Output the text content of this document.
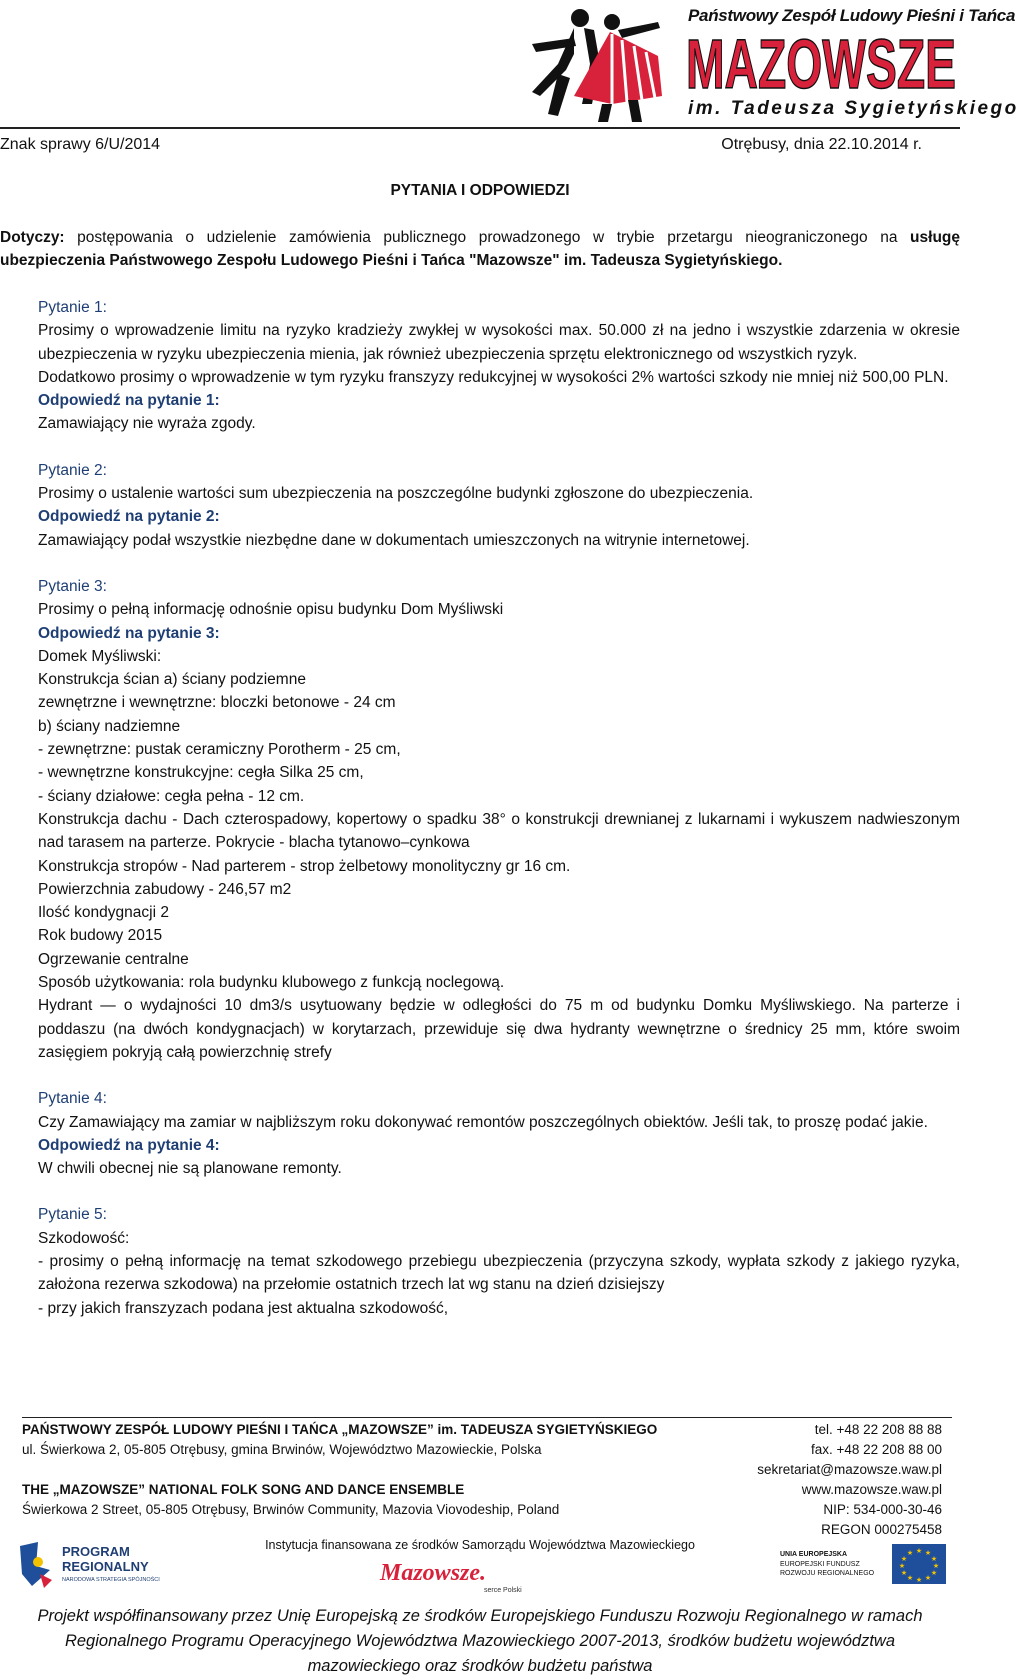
Państwowy Zespół Ludowy Pieśni i Tańca
MAZOWSZE
im. Tadeusza Sygietyńskiego
Znak sprawy 6/U/2014	Otrębusy, dnia 22.10.2014 r.
PYTANIA I ODPOWIEDZI
Dotyczy: postępowania o udzielenie zamówienia publicznego prowadzonego w trybie przetargu nieograniczonego na usługę ubezpieczenia Państwowego Zespołu Ludowego Pieśni i Tańca "Mazowsze" im. Tadeusza Sygietyńskiego.
Pytanie 1:
Prosimy o wprowadzenie limitu na ryzyko kradzieży zwykłej w wysokości max. 50.000 zł na jedno i wszystkie zdarzenia w okresie ubezpieczenia w ryzyku ubezpieczenia mienia, jak również ubezpieczenia sprzętu elektronicznego od wszystkich ryzyk.
Dodatkowo prosimy o wprowadzenie w tym ryzyku franszyzy redukcyjnej w wysokości 2% wartości szkody nie mniej niż 500,00 PLN.
Odpowiedź na pytanie 1:
Zamawiający nie wyraża zgody.
Pytanie 2:
Prosimy o ustalenie wartości sum ubezpieczenia na poszczególne budynki zgłoszone do ubezpieczenia.
Odpowiedź na pytanie 2:
Zamawiający podał wszystkie niezbędne dane w dokumentach umieszczonych na witrynie internetowej.
Pytanie 3:
Prosimy o pełną informację odnośnie opisu budynku Dom Myśliwski
Odpowiedź na pytanie 3:
Domek Myśliwski:
Konstrukcja ścian a) ściany podziemne
zewnętrzne i wewnętrzne: bloczki betonowe - 24 cm
b) ściany nadziemne
- zewnętrzne: pustak ceramiczny Porotherm - 25 cm,
- wewnętrzne konstrukcyjne: cegła Silka 25 cm,
- ściany działowe: cegła pełna - 12 cm.
Konstrukcja dachu - Dach czterospadowy, kopertowy o spadku 38° o konstrukcji drewnianej z lukarnami i wykuszem nadwieszonym nad tarasem na parterze. Pokrycie - blacha tytanowo–cynkowa
Konstrukcja stropów - Nad parterem - strop żelbetowy monolityczny gr 16 cm.
Powierzchnia zabudowy - 246,57 m2
Ilość kondygnacji 2
Rok budowy 2015
Ogrzewanie centralne
Sposób użytkowania: rola budynku klubowego z funkcją noclegową.
Hydrant — o wydajności 10 dm3/s usytuowany będzie w odległości do 75 m od budynku Domku Myśliwskiego. Na parterze i poddaszu (na dwóch kondygnacjach) w korytarzach, przewiduje się dwa hydranty wewnętrzne o średnicy 25 mm, które swoim zasięgiem pokryją całą powierzchnię strefy
Pytanie 4:
Czy Zamawiający ma zamiar w najbliższym roku dokonywać remontów poszczególnych obiektów. Jeśli tak, to proszę podać jakie.
Odpowiedź na pytanie 4:
W chwili obecnej nie są planowane remonty.
Pytanie 5:
Szkodowość:
- prosimy o pełną informację na temat szkodowego przebiegu ubezpieczenia (przyczyna szkody, wypłata szkody z jakiego ryzyka, założona rezerwa szkodowa) na przełomie ostatnich trzech lat wg stanu na dzień dzisiejszy
- przy jakich franszyzach podana jest aktualna szkodowość,
PAŃSTWOWY ZESPÓŁ LUDOWY PIEŚNI I TAŃCA „MAZOWSZE” im. TADEUSZA SYGIETYŃSKIEGO
ul. Świerkowa 2, 05-805 Otrębusy, gmina Brwinów, Województwo Mazowieckie, Polska
THE „MAZOWSZE” NATIONAL FOLK SONG AND DANCE ENSEMBLE
Świerkowa 2 Street, 05-805 Otrębusy, Brwinów Community, Mazovia Viovodeship, Poland
tel. +48 22 208 88 88
fax. +48 22 208 88 00
sekretariat@mazowsze.waw.pl
www.mazowsze.waw.pl
NIP: 534-000-30-46
REGON 000275458
Instytucja finansowana ze środków Samorządu Województwa Mazowieckiego
PROGRAM
REGIONALNY
NARODOWA STRATEGIA SPÓJNOŚCI	Mazowsze.
serce Polski
UNIA EUROPEJSKA
EUROPEJSKI FUNDUSZ
ROZWOJU REGIONALNEGO
★ ★
★
★
★
★
★
★
★
★
★
★
Projekt współfinansowany przez Unię Europejską ze środków Europejskiego Funduszu Rozwoju Regionalnego w ramach
Regionalnego Programu Operacyjnego Województwa Mazowieckiego 2007-2013, środków budżetu województwa
mazowieckiego oraz środków budżetu państwa
